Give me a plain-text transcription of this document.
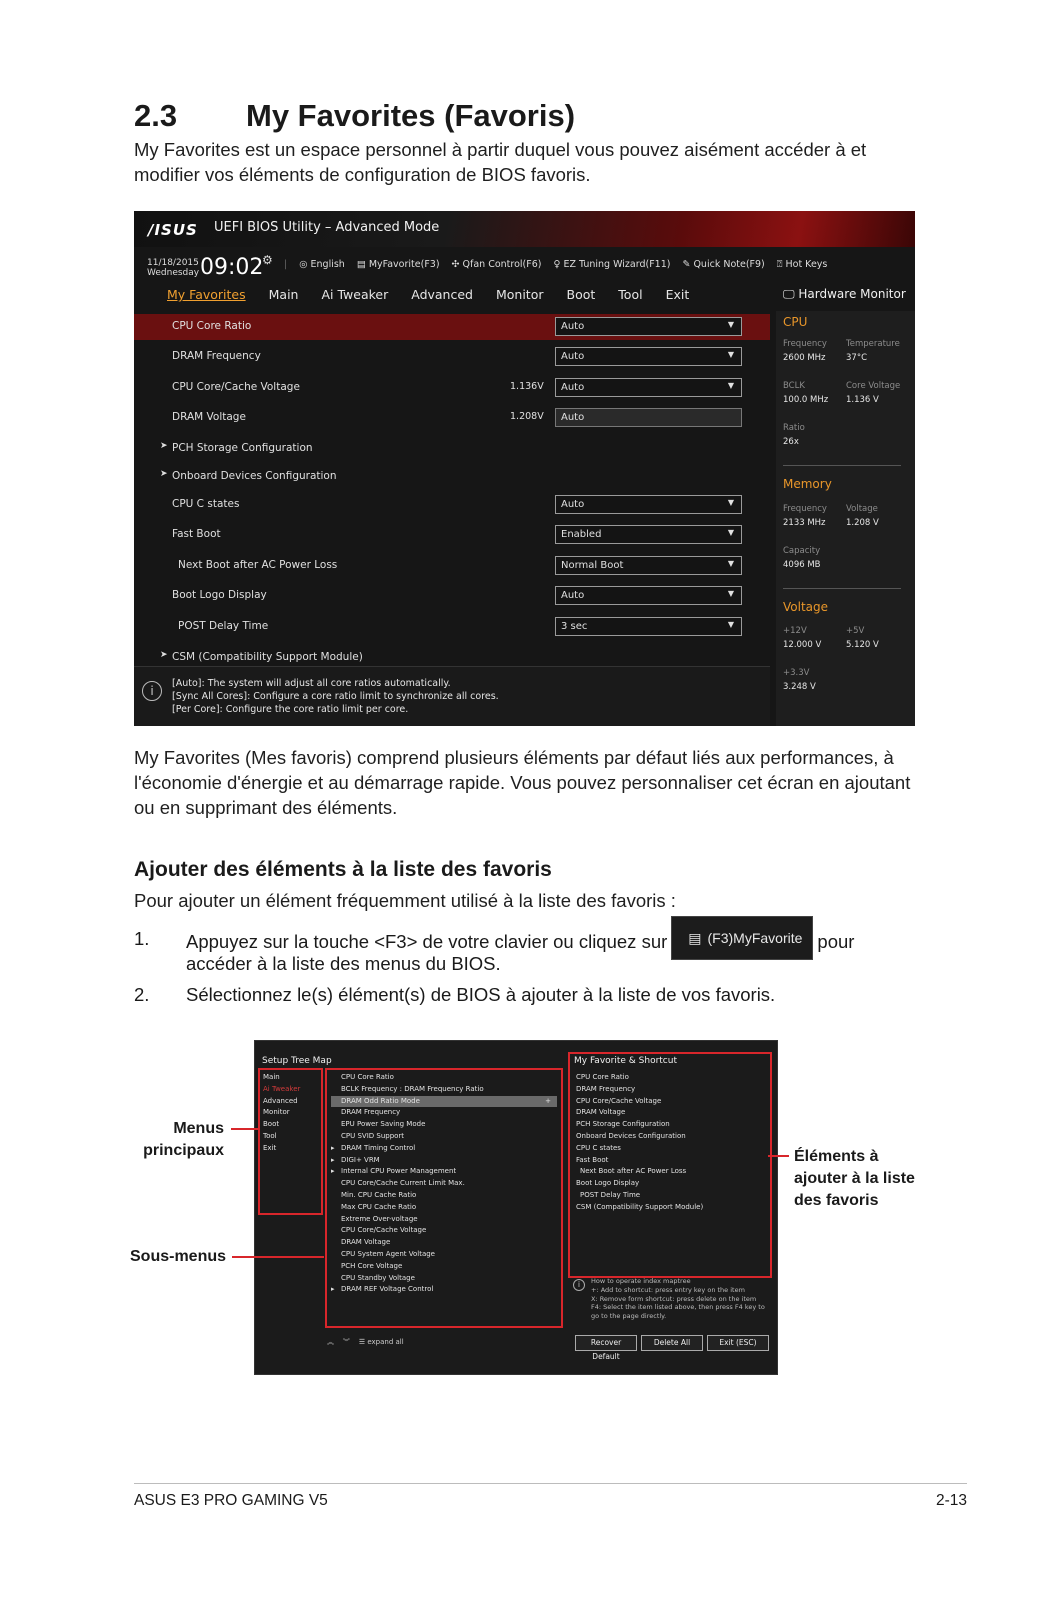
2.3	My Favorites (Favoris)
My Favorites est un espace personnel à partir duquel vous pouvez aisément accéder à et
modifier vos éléments de configuration de BIOS favoris.
/ISUS UEFI BIOS Utility – Advanced Mode
11/18/2015
Wednesday 09:02
⚙ | ◎ English ▤ MyFavorite(F3) ✣ Qfan Control(F6) ♀ EZ Tuning Wizard(F11) ✎ Quick Note(F9) ⍰ Hot Keys
My Favorites Main Ai Tweaker Advanced Monitor Boot Tool Exit	🖵 Hardware Monitor
CPU Core Ratio	Auto	▼
DRAM Frequency	Auto	▼
CPU Core/Cache Voltage	1.136V	Auto	▼
DRAM Voltage	1.208V	Auto
➤ PCH Storage Configuration
➤ Onboard Devices Configuration
CPU C states	Auto	▼
Fast Boot	Enabled	▼
Next Boot after AC Power Loss	Normal Boot	▼
Boot Logo Display	Auto	▼
POST Delay Time	3 sec	▼
➤ CSM (Compatibility Support Module)
i
[Auto]: The system will adjust all core ratios automatically.
[Sync All Cores]: Configure a core ratio limit to synchronize all cores.
[Per Core]: Configure the core ratio limit per core.
CPU
Frequency
2600 MHz
Temperature
37°C
BCLK
100.0 MHz
Core Voltage
1.136 V
Ratio
26x
Memory
Frequency
2133 MHz
Voltage
1.208 V
Capacity
4096 MB
Voltage
+12V
12.000 V
+5V
5.120 V
+3.3V
3.248 V
My Favorites (Mes favoris) comprend plusieurs éléments par défaut liés aux performances, à
l'économie d'énergie et au démarrage rapide. Vous pouvez personnaliser cet écran en ajoutant
ou en supprimant des éléments.
Ajouter des éléments à la liste des favoris
Pour ajouter un élément fréquemment utilisé à la liste des favoris :
1. Appuyez sur la touche <F3> de votre clavier ou cliquez sur ▤ (F3)MyFavorite pour
accéder à la liste des menus du BIOS.
2. Sélectionnez le(s) élément(s) de BIOS à ajouter à la liste de vos favoris.
Setup Tree Map	My Favorite & Shortcut
Main
Ai Tweaker
Advanced
Monitor
Boot
Tool
Exit
CPU Core Ratio
BCLK Frequency : DRAM Frequency Ratio
DRAM Odd Ratio Mode	+
DRAM Frequency
EPU Power Saving Mode
CPU SVID Support
▸ DRAM Timing Control
▸ DIGI+ VRM
▸ Internal CPU Power Management
CPU Core/Cache Current Limit Max.
Min. CPU Cache Ratio
Max CPU Cache Ratio
Extreme Over-voltage
CPU Core/Cache Voltage
DRAM Voltage
CPU System Agent Voltage
PCH Core Voltage
CPU Standby Voltage
▸ DRAM REF Voltage Control
CPU Core Ratio
DRAM Frequency
CPU Core/Cache Voltage
DRAM Voltage
PCH Storage Configuration
Onboard Devices Configuration
CPU C states
Fast Boot
Next Boot after AC Power Loss
Boot Logo Display
POST Delay Time
CSM (Compatibility Support Module)
i	How to operate index maptree
+: Add to shortcut: press entry key on the item
X: Remove form shortcut: press delete on the item
F4: Select the item listed above, then press F4 key to
go to the page directly.
︽ ︾ ☰ expand all	Recover Default
Delete All	Exit (ESC)
Menus
principaux
Sous-menus
Éléments à
ajouter à la liste
des favoris
ASUS E3 PRO GAMING V5	2-13
